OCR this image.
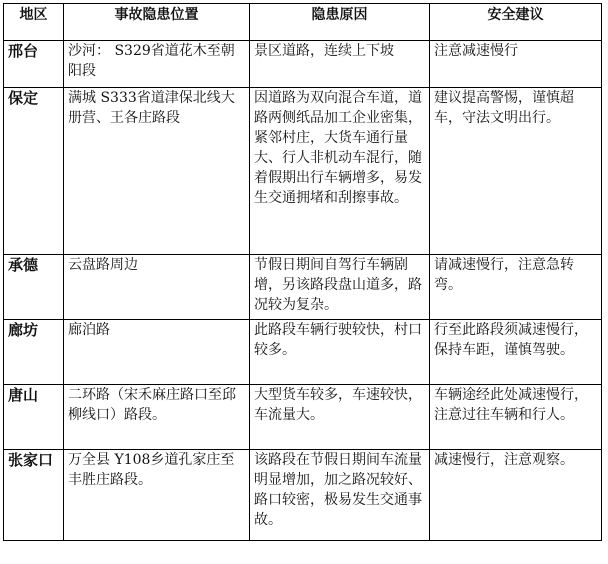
地区	事故隐患位置	隐患原因	安全建议
邢台	沙河： S329省道花木至朝阳段	景区道路，连续上下坡	注意减速慢行
保定	满城 S333省道津保北线大册营、王各庄路段	因道路为双向混合车道，道路两侧纸品加工企业密集，紧邻村庄，大货车通行量大、行人非机动车混行，随着假期出行车辆增多，易发生交通拥堵和刮擦事故。	建议提高警惕，谨慎超车，守法文明出行。
承德	云盘路周边	节假日期间自驾行车辆剧增，另该路段盘山道多，路况较为复杂。	请减速慢行，注意急转弯。
廊坊	廊泊路	此路段车辆行驶较快，村口较多。	行至此路段须减速慢行，保持车距，谨慎驾驶。
唐山	二环路（宋禾麻庄路口至邱柳线口）路段。	大型货车较多，车速较快，车流量大。	车辆途经此处减速慢行，注意过往车辆和行人。
张家口	万全县 Y108乡道孔家庄至丰胜庄路段。	该路段在节假日期间车流量明显增加，加之路况较好、路口较密，极易发生交通事故。	减速慢行，注意观察。
